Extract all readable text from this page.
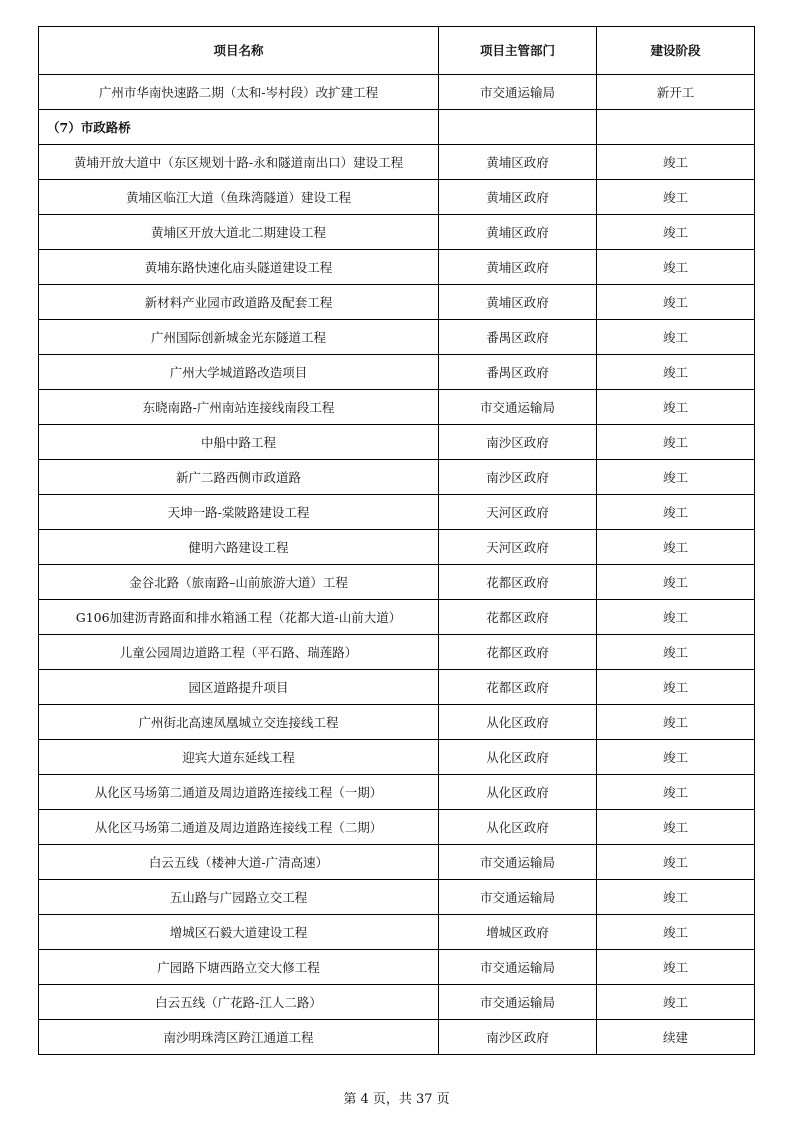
项目名称	项目主管部门	建设阶段
广州市华南快速路二期（太和-岑村段）改扩建工程	市交通运输局	新开工
（7）市政路桥		
黄埔开放大道中（东区规划十路-永和隧道南出口）建设工程	黄埔区政府	竣工
黄埔区临江大道（鱼珠湾隧道）建设工程	黄埔区政府	竣工
黄埔区开放大道北二期建设工程	黄埔区政府	竣工
黄埔东路快速化庙头隧道建设工程	黄埔区政府	竣工
新材料产业园市政道路及配套工程	黄埔区政府	竣工
广州国际创新城金光东隧道工程	番禺区政府	竣工
广州大学城道路改造项目	番禺区政府	竣工
东晓南路-广州南站连接线南段工程	市交通运输局	竣工
中船中路工程	南沙区政府	竣工
新广二路西侧市政道路	南沙区政府	竣工
天坤一路-棠陂路建设工程	天河区政府	竣工
健明六路建设工程	天河区政府	竣工
金谷北路（旅南路–山前旅游大道）工程	花都区政府	竣工
G106加建沥青路面和排水箱涵工程（花都大道-山前大道）	花都区政府	竣工
儿童公园周边道路工程（平石路、瑞莲路）	花都区政府	竣工
园区道路提升项目	花都区政府	竣工
广州街北高速凤凰城立交连接线工程	从化区政府	竣工
迎宾大道东延线工程	从化区政府	竣工
从化区马场第二通道及周边道路连接线工程（一期）	从化区政府	竣工
从化区马场第二通道及周边道路连接线工程（二期）	从化区政府	竣工
白云五线（楼神大道-广清高速）	市交通运输局	竣工
五山路与广园路立交工程	市交通运输局	竣工
增城区石毅大道建设工程	增城区政府	竣工
广园路下塘西路立交大修工程	市交通运输局	竣工
白云五线（广花路-江人二路）	市交通运输局	竣工
南沙明珠湾区跨江通道工程	南沙区政府	续建
第 4 页，共 37 页
